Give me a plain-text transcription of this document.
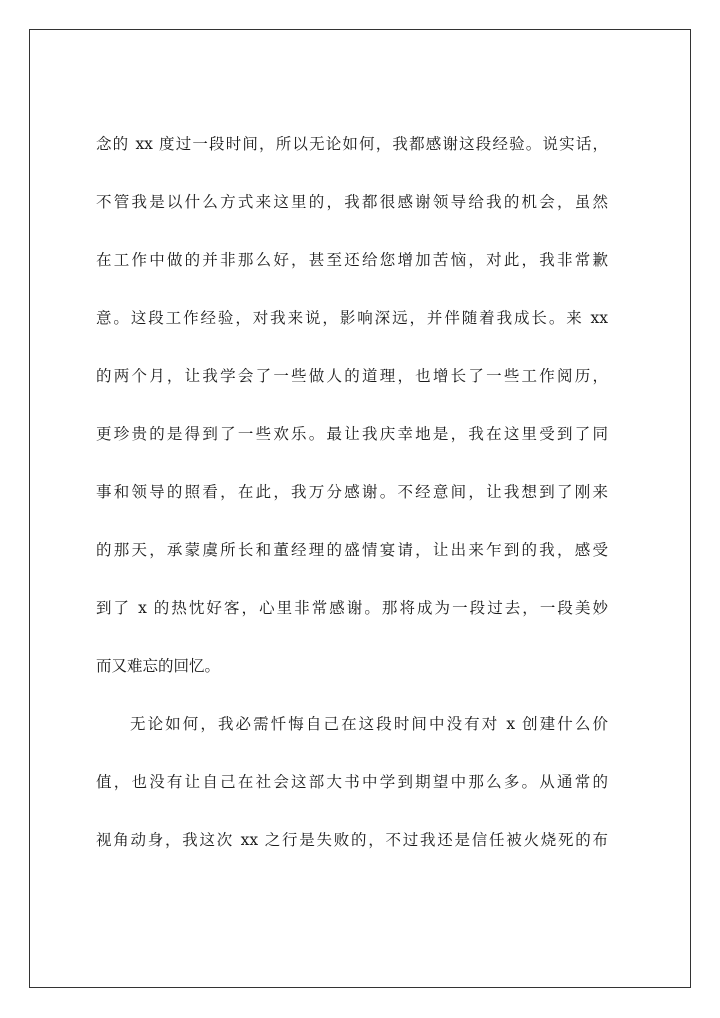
念的 xx 度过一段时间，所以无论如何，我都感谢这段经验。说实话，
不管我是以什么方式来这里的，我都很感谢领导给我的机会，虽然
在工作中做的并非那么好，甚至还给您增加苦恼，对此，我非常歉
意。这段工作经验，对我来说，影响深远，并伴随着我成长。来 xx
的两个月，让我学会了一些做人的道理，也增长了一些工作阅历，
更珍贵的是得到了一些欢乐。最让我庆幸地是，我在这里受到了同
事和领导的照看，在此，我万分感谢。不经意间，让我想到了刚来
的那天，承蒙虞所长和董经理的盛情宴请，让出来乍到的我，感受
到了 x 的热忱好客，心里非常感谢。那将成为一段过去，一段美妙
而又难忘的回忆。
无论如何，我必需忏悔自己在这段时间中没有对 x 创建什么价
值，也没有让自己在社会这部大书中学到期望中那么多。从通常的
视角动身，我这次 xx 之行是失败的，不过我还是信任被火烧死的布
